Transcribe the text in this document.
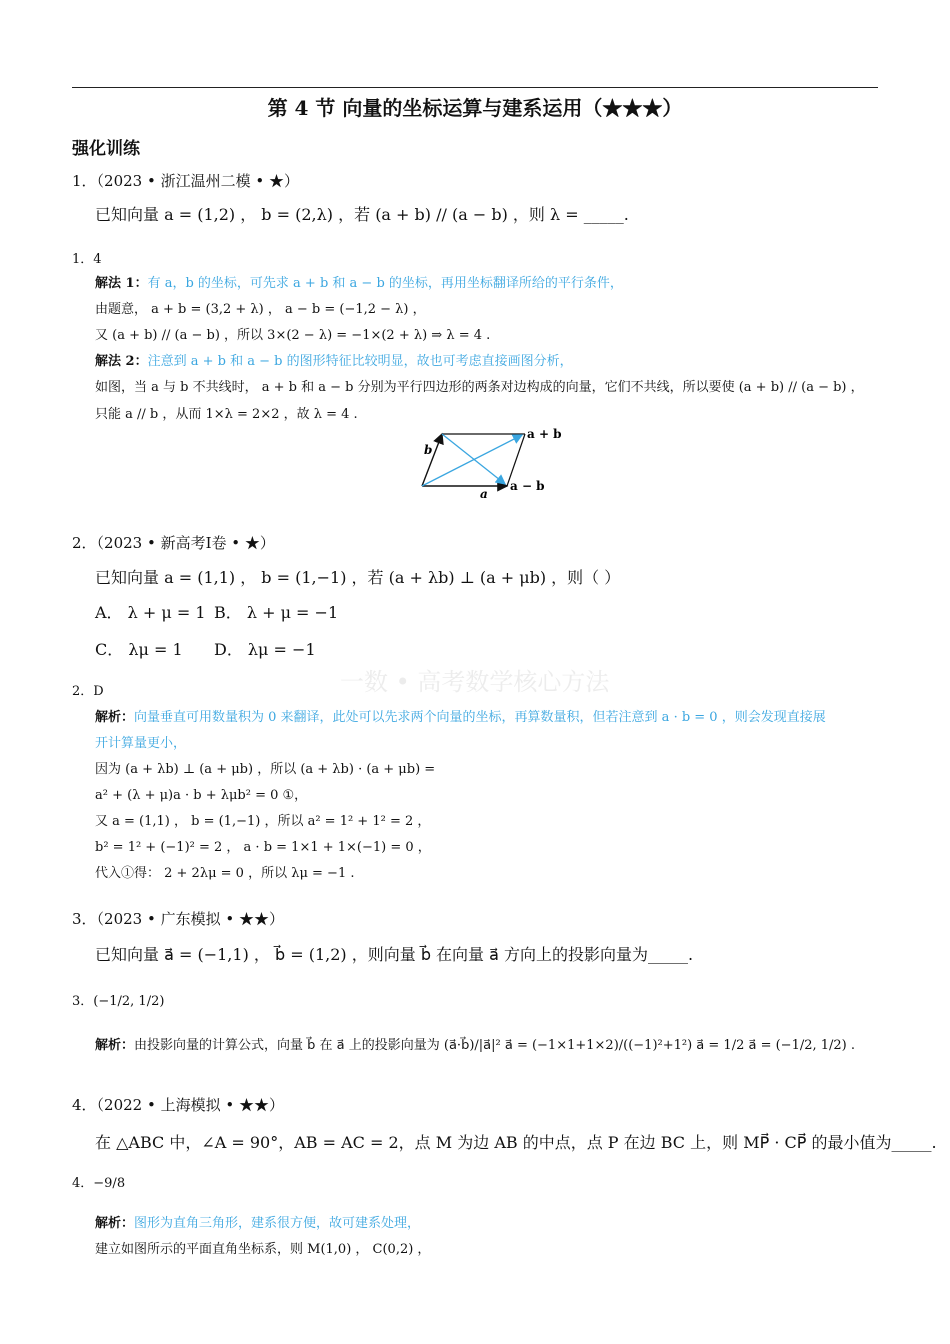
第 4 节 向量的坐标运算与建系运用（★★★）
强化训练
1．（2023 • 浙江温州二模 • ★）
已知向量 a = (1,2) ， b = (2,λ) ，若 (a + b) // (a − b) ，则 λ = _____.
1．4
解法 1：有 a，b 的坐标，可先求 a + b 和 a − b 的坐标，再用坐标翻译所给的平行条件，
由题意， a + b = (3,2 + λ) ， a − b = (−1,2 − λ) ，
又 (a + b) // (a − b) ，所以 3×(2 − λ) = −1×(2 + λ) ⇒ λ = 4 .
解法 2：注意到 a + b 和 a − b 的图形特征比较明显，故也可考虑直接画图分析，
如图，当 a 与 b 不共线时， a + b 和 a − b 分别为平行四边形的两条对边构成的向量，它们不共线，所以要使 (a + b) // (a − b) ，
只能 a // b ，从而 1×λ = 2×2 ，故 λ = 4 .
b
a
a + b
a − b
2．（2023 • 新高考Ⅰ卷 • ★）
已知向量 a = (1,1) ， b = (1,−1) ，若 (a + λb) ⊥ (a + μb) ，则（ ）
A． λ + μ = 1 B． λ + μ = −1
C． λμ = 1 D． λμ = −1
一数 • 高考数学核心方法
2．D
解析：向量垂直可用数量积为 0 来翻译，此处可以先求两个向量的坐标，再算数量积，但若注意到 a · b = 0 ，则会发现直接展
开计算量更小，
因为 (a + λb) ⊥ (a + μb) ，所以 (a + λb) · (a + μb) =
a² + (λ + μ)a · b + λμb² = 0 ①，
又 a = (1,1) ， b = (1,−1) ，所以 a² = 1² + 1² = 2 ，
b² = 1² + (−1)² = 2 ， a · b = 1×1 + 1×(−1) = 0 ，
代入①得： 2 + 2λμ = 0 ，所以 λμ = −1 .
3．（2023 • 广东模拟 • ★★）
已知向量 a⃗ = (−1,1) ， b⃗ = (1,2) ，则向量 b⃗ 在向量 a⃗ 方向上的投影向量为_____.
3．(−1/2, 1/2)
解析：由投影向量的计算公式，向量 b⃗ 在 a⃗ 上的投影向量为 (a⃗·b⃗)/|a⃗|² a⃗ = (−1×1+1×2)/((−1)²+1²) a⃗ = 1/2 a⃗ = (−1/2, 1/2) .
4．（2022 • 上海模拟 • ★★）
在 △ABC 中，∠A = 90°，AB = AC = 2，点 M 为边 AB 的中点，点 P 在边 BC 上，则 MP⃗ · CP⃗ 的最小值为_____.
4．−9/8
解析：图形为直角三角形，建系很方便，故可建系处理，
建立如图所示的平面直角坐标系，则 M(1,0) ， C(0,2) ，
